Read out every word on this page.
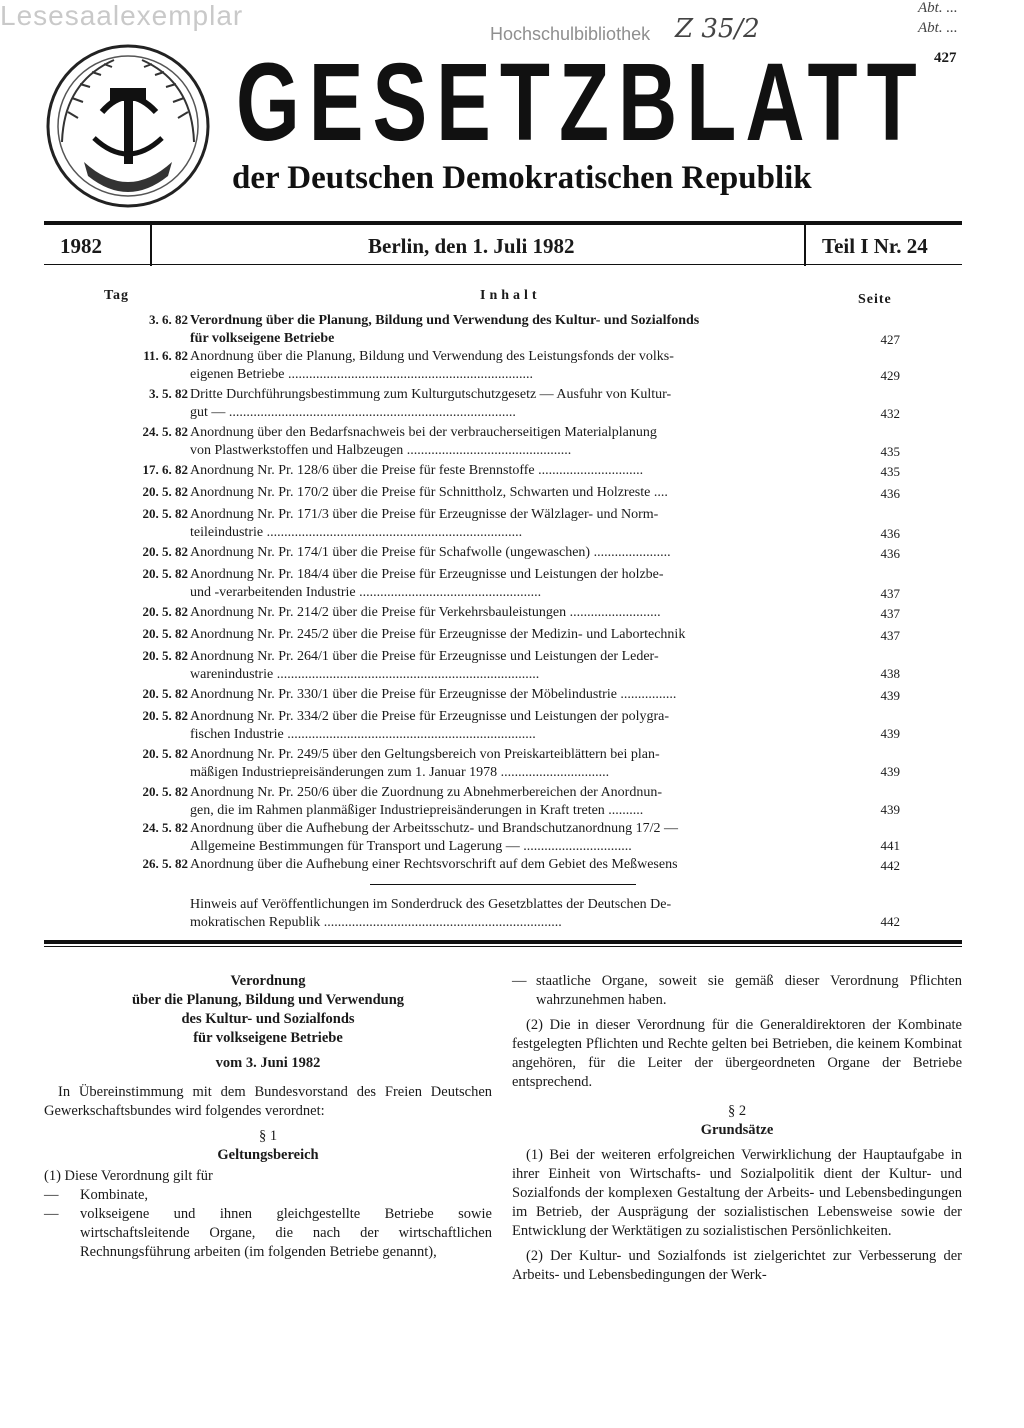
Lesesaalexemplar
Hochschulbibliothek Z 35/2
Abt. ...
Abt. ...
427
GESETZBLATT
der Deutschen Demokratischen Republik
1982	Berlin, den 1. Juli 1982	Teil I Nr. 24
Tag	Inhalt	Seite
3. 6. 82 Verordnung über die Planung, Bildung und Verwendung des Kultur- und Sozialfonds
für volkseigene Betriebe	427
11. 6. 82 Anordnung über die Planung, Bildung und Verwendung des Leistungsfonds der volks-
eigenen Betriebe ......................................................................	429
3. 5. 82 Dritte Durchführungsbestimmung zum Kulturgutschutzgesetz — Ausfuhr von Kultur-
gut — ..................................................................................	432
24. 5. 82 Anordnung über den Bedarfsnachweis bei der verbraucherseitigen Materialplanung
von Plastwerkstoffen und Halbzeugen ...............................................	435
17. 6. 82 Anordnung Nr. Pr. 128/6 über die Preise für feste Brennstoffe ..............................	435
20. 5. 82 Anordnung Nr. Pr. 170/2 über die Preise für Schnittholz, Schwarten und Holzreste ....	436
20. 5. 82 Anordnung Nr. Pr. 171/3 über die Preise für Erzeugnisse der Wälzlager- und Norm-
teileindustrie .........................................................................	436
20. 5. 82 Anordnung Nr. Pr. 174/1 über die Preise für Schafwolle (ungewaschen) ......................	436
20. 5. 82 Anordnung Nr. Pr. 184/4 über die Preise für Erzeugnisse und Leistungen der holzbe-
und -verarbeitenden Industrie ....................................................	437
20. 5. 82 Anordnung Nr. Pr. 214/2 über die Preise für Verkehrsbauleistungen ..........................	437
20. 5. 82 Anordnung Nr. Pr. 245/2 über die Preise für Erzeugnisse der Medizin- und Labortechnik	437
20. 5. 82 Anordnung Nr. Pr. 264/1 über die Preise für Erzeugnisse und Leistungen der Leder-
warenindustrie ...........................................................................	438
20. 5. 82 Anordnung Nr. Pr. 330/1 über die Preise für Erzeugnisse der Möbelindustrie ................	439
20. 5. 82 Anordnung Nr. Pr. 334/2 über die Preise für Erzeugnisse und Leistungen der polygra-
fischen Industrie .......................................................................	439
20. 5. 82 Anordnung Nr. Pr. 249/5 über den Geltungsbereich von Preiskarteiblättern bei plan-
mäßigen Industriepreisänderungen zum 1. Januar 1978 ...............................	439
20. 5. 82 Anordnung Nr. Pr. 250/6 über die Zuordnung zu Abnehmerbereichen der Anordnun-
gen, die im Rahmen planmäßiger Industriepreisänderungen in Kraft treten ..........	439
24. 5. 82 Anordnung über die Aufhebung der Arbeitsschutz- und Brandschutzanordnung 17/2 —
Allgemeine Bestimmungen für Transport und Lagerung — ...............................	441
26. 5. 82 Anordnung über die Aufhebung einer Rechtsvorschrift auf dem Gebiet des Meßwesens	442
Hinweis auf Veröffentlichungen im Sonderdruck des Gesetzblattes der Deutschen De-
mokratischen Republik ....................................................................	442
Verordnung
über die Planung, Bildung und Verwendung
des Kultur- und Sozialfonds
für volkseigene Betriebe
vom 3. Juni 1982

In Übereinstimmung mit dem Bundesvorstand des Freien Deutschen Gewerkschaftsbundes wird folgendes verordnet:

§ 1
Geltungsbereich

(1) Diese Verordnung gilt für

—	Kombinate,
—	volkseigene und ihnen gleichgestellte Betriebe sowie wirtschaftsleitende Organe, die nach der wirtschaftlichen Rechnungsführung arbeiten (im folgenden Betriebe genannt),
— staatliche Organe, soweit sie gemäß dieser Verordnung Pflichten wahrzunehmen haben.

(2) Die in dieser Verordnung für die Generaldirektoren der Kombinate festgelegten Pflichten und Rechte gelten bei Betrieben, die keinem Kombinat angehören, für die Leiter der übergeordneten Organe der Betriebe entsprechend.

§ 2
Grundsätze

(1) Bei der weiteren erfolgreichen Verwirklichung der Hauptaufgabe in ihrer Einheit von Wirtschafts- und Sozialpolitik dient der Kultur- und Sozialfonds der komplexen Gestaltung der Arbeits- und Lebensbedingungen im Betrieb, der Ausprägung der sozialistischen Lebensweise sowie der Entwicklung der Werktätigen zu sozialistischen Persönlichkeiten.

(2) Der Kultur- und Sozialfonds ist zielgerichtet zur Verbesserung der Arbeits- und Lebensbedingungen der Werk-
